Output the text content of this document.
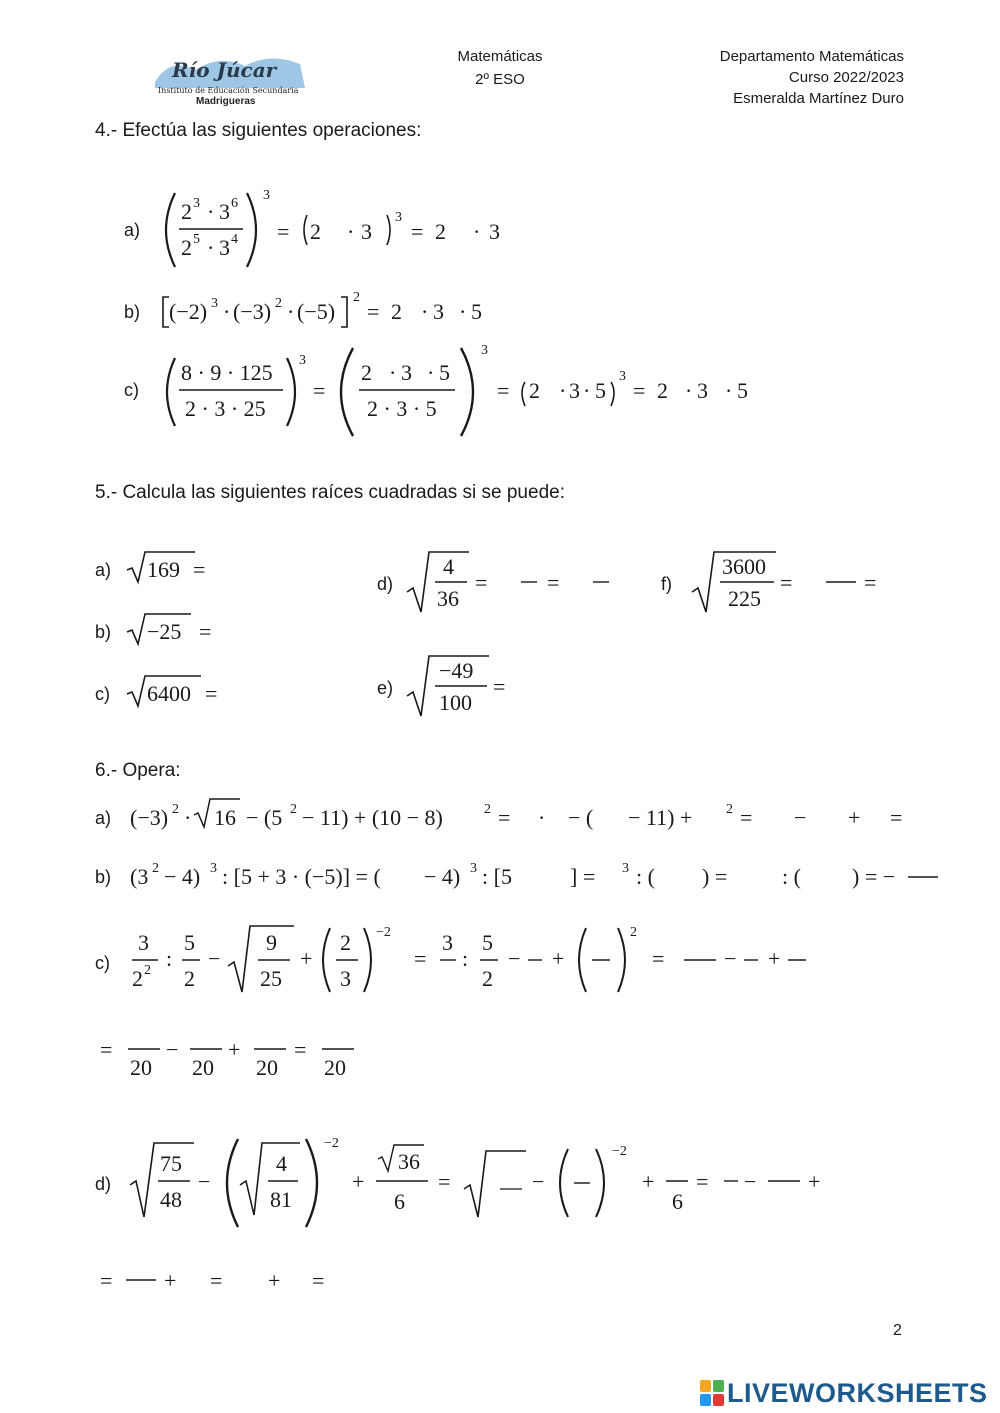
Río Júcar
Instituto de Educación Secundaria
Madrigueras
Matemáticas
2º ESO
Departamento Matemáticas
Curso 2022/2023
Esmeralda Martínez Duro
4.- Efectúa las siguientes operaciones:
a)
2 3 · 3 6
2 5 · 3 4
3
= 2 · 3
3
= 2 · 3
b) (−2) 3 · (−3) 2 · (−5)
2
= 2 · 3 · 5
c)
8 · 9 · 125
2 · 3 · 25
3
=
2 · 3 · 5
2 · 3 · 5
3
= 2 · 3 · 5
3
= 2 · 3 · 5
5.- Calcula las siguientes raíces cuadradas si se puede:
a) 169 =
b) −25 =
c) 6400 =
d)
4
36
=	=
e)
−49
100
=
f)
3600
225
=	=
6.- Opera:
a) (−3) 2 · 16 − (5 2 − 11) + (10 − 8)	2 = · − ( − 11) + 2 = − + =
b) (3 2 − 4) 3 : [5 + 3 · (−5)] = ( − 4) 3 : [5	] = 3 : ( ) = : ( ) = −
c)
3
2 2 :
5
2
−
9
25
+
2
3
−2
=
3
:
5
2
− +
2
=	− +
=
20
−
20
+
20
=
20
d)
75
48
−
4
81
−2
+
36
6
=	−
−2
+
6
= − +
= + = + =
2
LIVEWORKSHEETS
